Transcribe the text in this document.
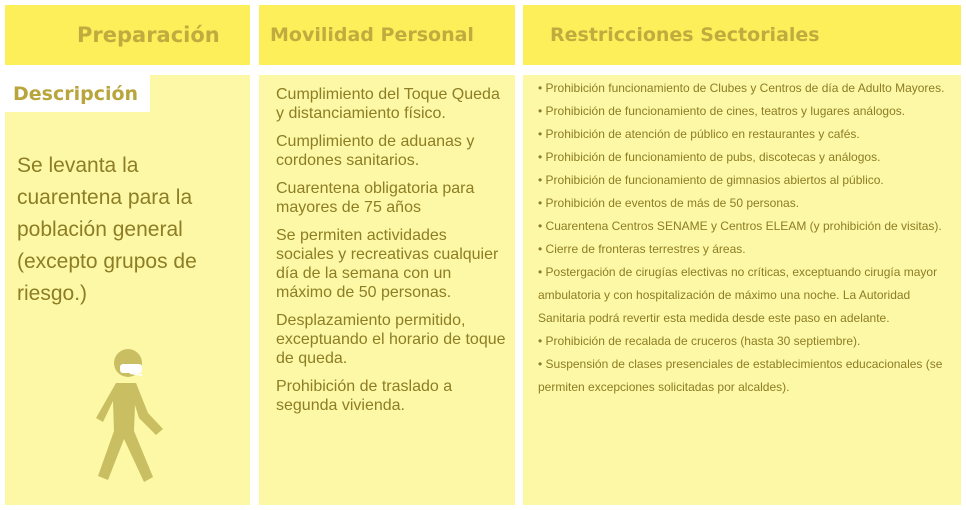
Preparación	Movilidad Personal	Restricciones Sectoriales
Descripción
Se levanta la cuarentena para la población general (excepto grupos de riesgo.)
Cumplimiento del Toque Queda y distanciamiento físico.
Cumplimiento de aduanas y cordones sanitarios.
Cuarentena obligatoria para mayores de 75 años
Se permiten actividades sociales y recreativas cualquier día de la semana con un máximo de 50 personas.
Desplazamiento permitido, exceptuando el horario de toque de queda.
Prohibición de traslado a segunda vivienda.
• Prohibición funcionamiento de Clubes y Centros de día de Adulto Mayores.
• Prohibición de funcionamiento de cines, teatros y lugares análogos.
• Prohibición de atención de público en restaurantes y cafés.
• Prohibición de funcionamiento de pubs, discotecas y análogos.
• Prohibición de funcionamiento de gimnasios abiertos al público.
• Prohibición de eventos de más de 50 personas.
• Cuarentena Centros SENAME y Centros ELEAM (y prohibición de visitas).
• Cierre de fronteras terrestres y áreas.
• Postergación de cirugías electivas no críticas, exceptuando cirugía mayor ambulatoria y con hospitalización de máximo una noche. La Autoridad Sanitaria podrá revertir esta medida desde este paso en adelante.
• Prohibición de recalada de cruceros (hasta 30 septiembre).
• Suspensión de clases presenciales de establecimientos educacionales (se permiten excepciones solicitadas por alcaldes).
